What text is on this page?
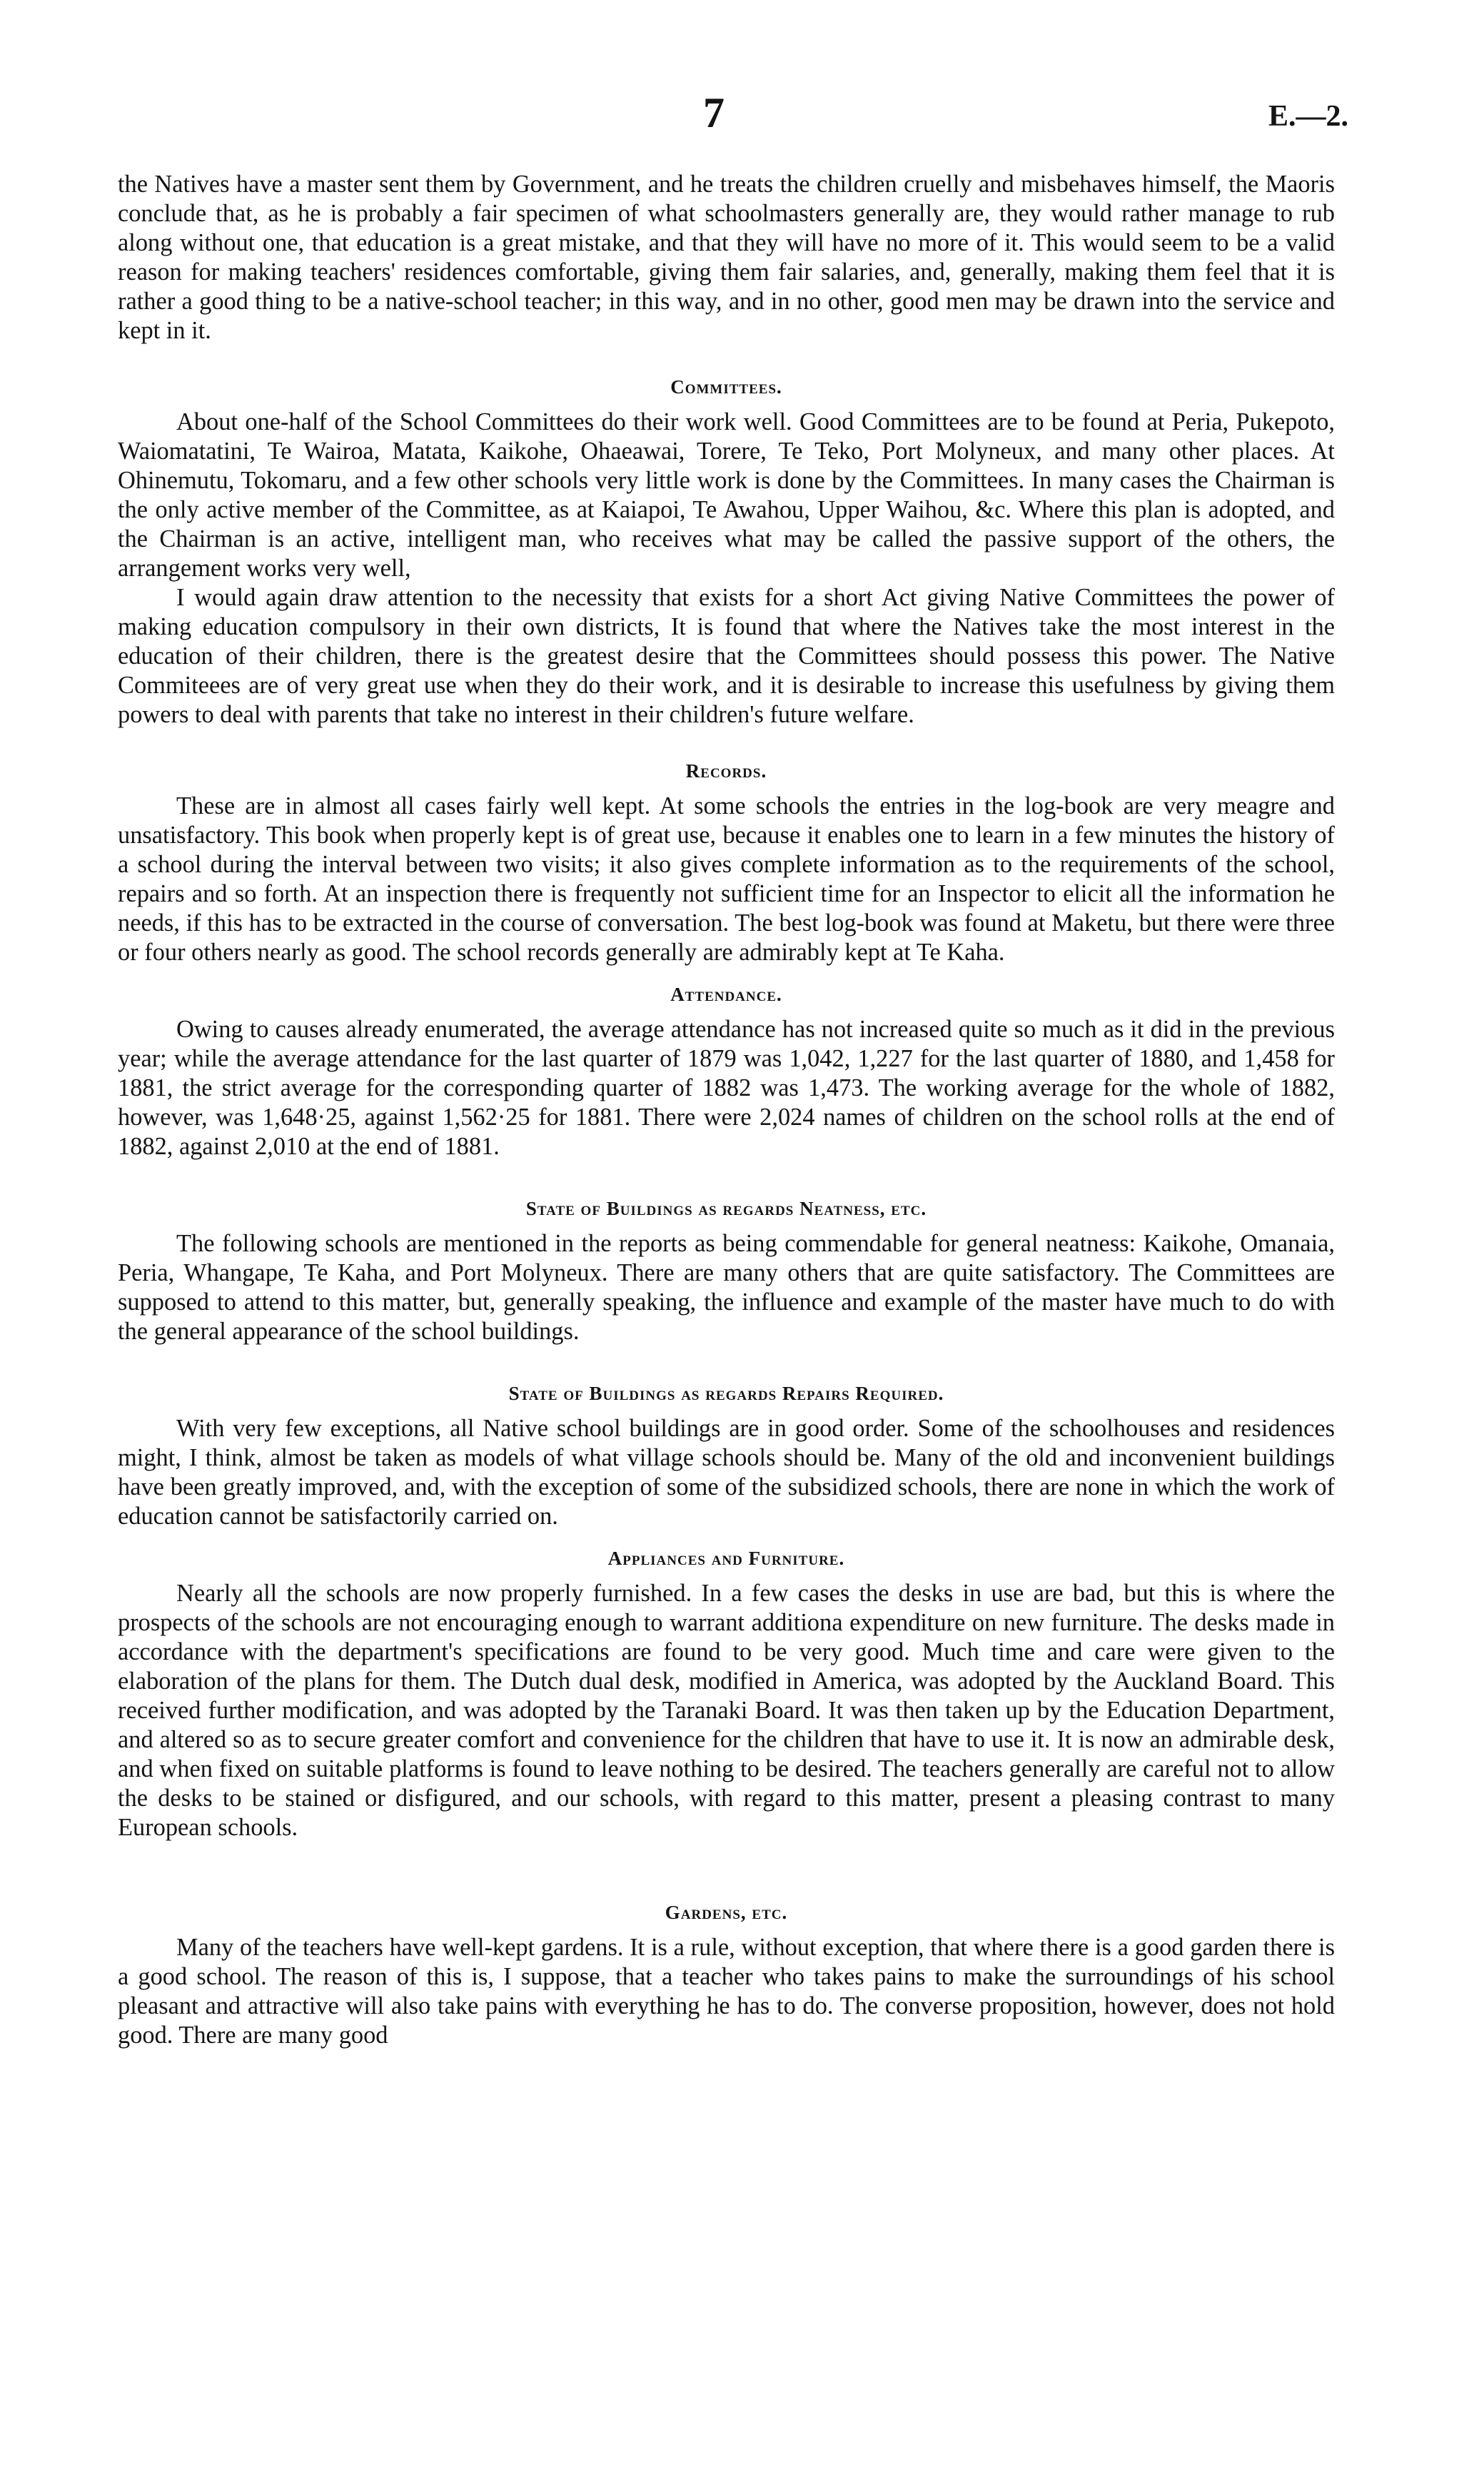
7	E.—2.

the Natives have a master sent them by Government, and he treats the children cruelly and misbehaves himself, the Maoris conclude that, as he is probably a fair specimen of what schoolmasters generally are, they would rather manage to rub along without one, that education is a great mistake, and that they will have no more of it. This would seem to be a valid reason for making teachers' residences comfortable, giving them fair salaries, and, generally, making them feel that it is rather a good thing to be a native-school teacher; in this way, and in no other, good men may be drawn into the service and kept in it.

Committees.

About one-half of the School Committees do their work well. Good Committees are to be found at Peria, Pukepoto, Waiomatatini, Te Wairoa, Matata, Kaikohe, Ohaeawai, Torere, Te Teko, Port Molyneux, and many other places. At Ohinemutu, Tokomaru, and a few other schools very little work is done by the Committees. In many cases the Chairman is the only active member of the Committee, as at Kaiapoi, Te Awahou, Upper Waihou, &c. Where this plan is adopted, and the Chairman is an active, intelligent man, who receives what may be called the passive support of the others, the arrangement works very well,

I would again draw attention to the necessity that exists for a short Act giving Native Committees the power of making education compulsory in their own districts, It is found that where the Natives take the most interest in the education of their children, there is the greatest desire that the Committees should possess this power. The Native Commiteees are of very great use when they do their work, and it is desirable to increase this usefulness by giving them powers to deal with parents that take no interest in their children's future welfare.

Records.

These are in almost all cases fairly well kept. At some schools the entries in the log-book are very meagre and unsatisfactory. This book when properly kept is of great use, because it enables one to learn in a few minutes the history of a school during the interval between two visits; it also gives complete information as to the requirements of the school, repairs and so forth. At an inspection there is frequently not sufficient time for an Inspector to elicit all the information he needs, if this has to be extracted in the course of conversation. The best log-book was found at Maketu, but there were three or four others nearly as good. The school records generally are admirably kept at Te Kaha.

Attendance.

Owing to causes already enumerated, the average attendance has not increased quite so much as it did in the previous year; while the average attendance for the last quarter of 1879 was 1,042, 1,227 for the last quarter of 1880, and 1,458 for 1881, the strict average for the corresponding quarter of 1882 was 1,473. The working average for the whole of 1882, however, was 1,648·25, against 1,562·25 for 1881. There were 2,024 names of children on the school rolls at the end of 1882, against 2,010 at the end of 1881.

State of Buildings as regards Neatness, etc.

The following schools are mentioned in the reports as being commendable for general neatness: Kaikohe, Omanaia, Peria, Whangape, Te Kaha, and Port Molyneux. There are many others that are quite satisfactory. The Committees are supposed to attend to this matter, but, generally speaking, the influence and example of the master have much to do with the general appearance of the school buildings.

State of Buildings as regards Repairs Required.

With very few exceptions, all Native school buildings are in good order. Some of the schoolhouses and residences might, I think, almost be taken as models of what village schools should be. Many of the old and inconvenient buildings have been greatly improved, and, with the exception of some of the subsidized schools, there are none in which the work of education cannot be satisfactorily carried on.

Appliances and Furniture.

Nearly all the schools are now properly furnished. In a few cases the desks in use are bad, but this is where the prospects of the schools are not encouraging enough to warrant additiona expenditure on new furniture. The desks made in accordance with the department's specifications are found to be very good. Much time and care were given to the elaboration of the plans for them. The Dutch dual desk, modified in America, was adopted by the Auckland Board. This received further modification, and was adopted by the Taranaki Board. It was then taken up by the Education Department, and altered so as to secure greater comfort and convenience for the children that have to use it. It is now an admirable desk, and when fixed on suitable platforms is found to leave nothing to be desired. The teachers generally are careful not to allow the desks to be stained or disfigured, and our schools, with regard to this matter, present a pleasing contrast to many European schools.

Gardens, etc.

Many of the teachers have well-kept gardens. It is a rule, without exception, that where there is a good garden there is a good school. The reason of this is, I suppose, that a teacher who takes pains to make the surroundings of his school pleasant and attractive will also take pains with everything he has to do. The converse proposition, however, does not hold good. There are many good
